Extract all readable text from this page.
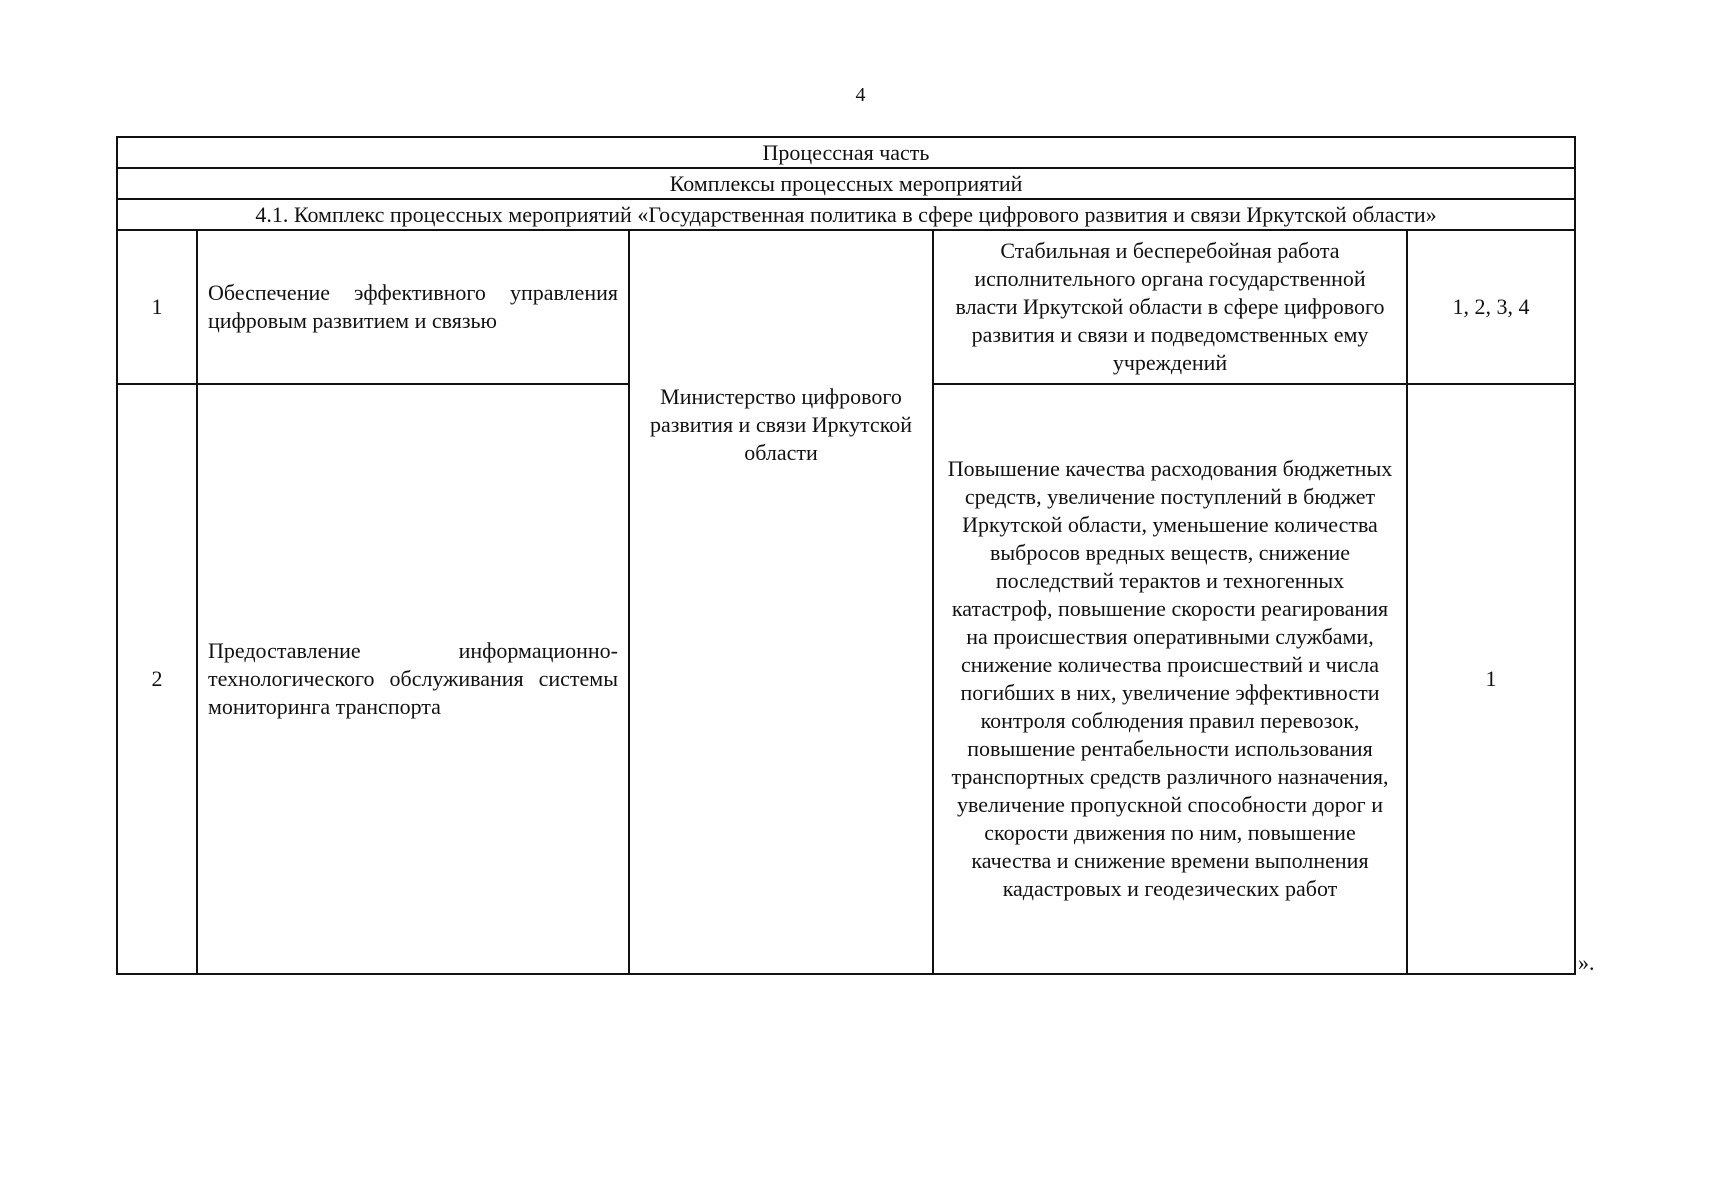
4
Процессная часть				
Комплексы процессных мероприятий				
4.1. Комплекс процессных мероприятий «Государственная политика в сфере цифрового развития и связи Иркутской области»				
1	Обеспечение эффективного управления цифровым развитием и связью	Министерство цифрового развития и связи Иркутской области	Стабильная и бесперебойная работа исполнительного органа государственной власти Иркутской области в сфере цифрового развития и связи и подведомственных ему учреждений	1, 2, 3, 4
2	Предоставление информационно-технологического обслуживания системы мониторинга транспорта		Повышение качества расходования бюджетных средств, увеличение поступлений в бюджет Иркутской области, уменьшение количества выбросов вредных веществ, снижение последствий терактов и техногенных катастроф, повышение скорости реагирования на происшествия оперативными службами, снижение количества происшествий и числа погибших в них, увеличение эффективности контроля соблюдения правил перевозок, повышение рентабельности использования транспортных средств различного назначения, увеличение пропускной способности дорог и скорости движения по ним, повышение качества и снижение времени выполнения кадастровых и геодезических работ	1
».
